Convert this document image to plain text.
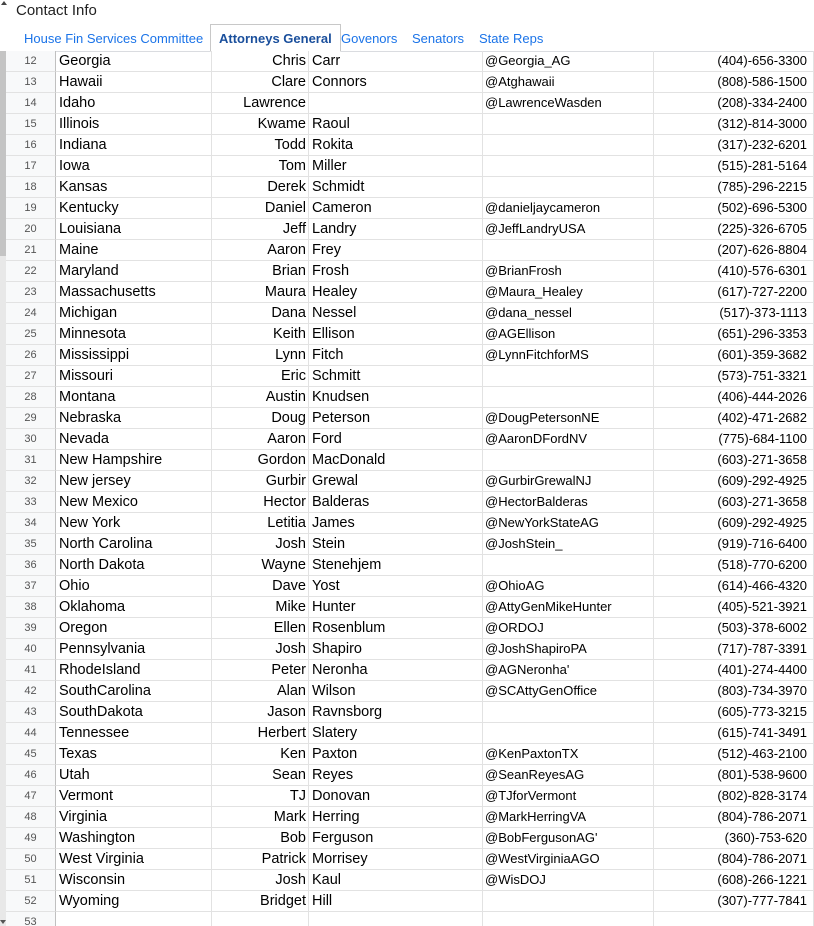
Contact Info
House Fin Services Committee	Attorneys General Govenors	Senators	State Reps
12	Georgia	Chris Carr	@Georgia_AG	(404)-656-3300
13	Hawaii	Clare Connors	@Atghawaii	(808)-586-1500
14	Idaho	Lawrence	@LawrenceWasden	(208)-334-2400
15	Illinois	Kwame Raoul	(312)-814-3000
16	Indiana	Todd Rokita	(317)-232-6201
17	Iowa	Tom Miller	(515)-281-5164
18	Kansas	Derek Schmidt	(785)-296-2215
19	Kentucky	Daniel Cameron	@danieljaycameron	(502)-696-5300
20	Louisiana	Jeff Landry	@JeffLandryUSA	(225)-326-6705
21	Maine	Aaron Frey	(207)-626-8804
22	Maryland	Brian Frosh	@BrianFrosh	(410)-576-6301
23	Massachusetts	Maura Healey	@Maura_Healey	(617)-727-2200
24	Michigan	Dana Nessel	@dana_nessel	(517)-373-1113
25	Minnesota	Keith Ellison	@AGEllison	(651)-296-3353
26	Mississippi	Lynn Fitch	@LynnFitchforMS	(601)-359-3682
27	Missouri	Eric Schmitt	(573)-751-3321
28	Montana	Austin Knudsen	(406)-444-2026
29	Nebraska	Doug Peterson	@DougPetersonNE	(402)-471-2682
30	Nevada	Aaron Ford	@AaronDFordNV	(775)-684-1100
31	New Hampshire	Gordon MacDonald	(603)-271-3658
32	New jersey	Gurbir Grewal	@GurbirGrewalNJ	(609)-292-4925
33	New Mexico	Hector Balderas	@HectorBalderas	(603)-271-3658
34	New York	Letitia James	@NewYorkStateAG	(609)-292-4925
35	North Carolina	Josh Stein	@JoshStein_	(919)-716-6400
36	North Dakota	Wayne Stenehjem	(518)-770-6200
37	Ohio	Dave Yost	@OhioAG	(614)-466-4320
38	Oklahoma	Mike Hunter	@AttyGenMikeHunter	(405)-521-3921
39	Oregon	Ellen Rosenblum	@ORDOJ	(503)-378-6002
40	Pennsylvania	Josh Shapiro	@JoshShapiroPA	(717)-787-3391
41	RhodeIsland	Peter Neronha	@AGNeronha'	(401)-274-4400
42	SouthCarolina	Alan Wilson	@SCAttyGenOffice	(803)-734-3970
43	SouthDakota	Jason Ravnsborg	(605)-773-3215
44	Tennessee	Herbert Slatery	(615)-741-3491
45	Texas	Ken Paxton	@KenPaxtonTX	(512)-463-2100
46	Utah	Sean Reyes	@SeanReyesAG	(801)-538-9600
47	Vermont	TJ Donovan	@TJforVermont	(802)-828-3174
48	Virginia	Mark Herring	@MarkHerringVA	(804)-786-2071
49	Washington	Bob Ferguson	@BobFergusonAG'	(360)-753-620
50	West Virginia	Patrick Morrisey	@WestVirginiaAGO	(804)-786-2071
51	Wisconsin	Josh Kaul	@WisDOJ	(608)-266-1221
52	Wyoming	Bridget Hill	(307)-777-7841
53
